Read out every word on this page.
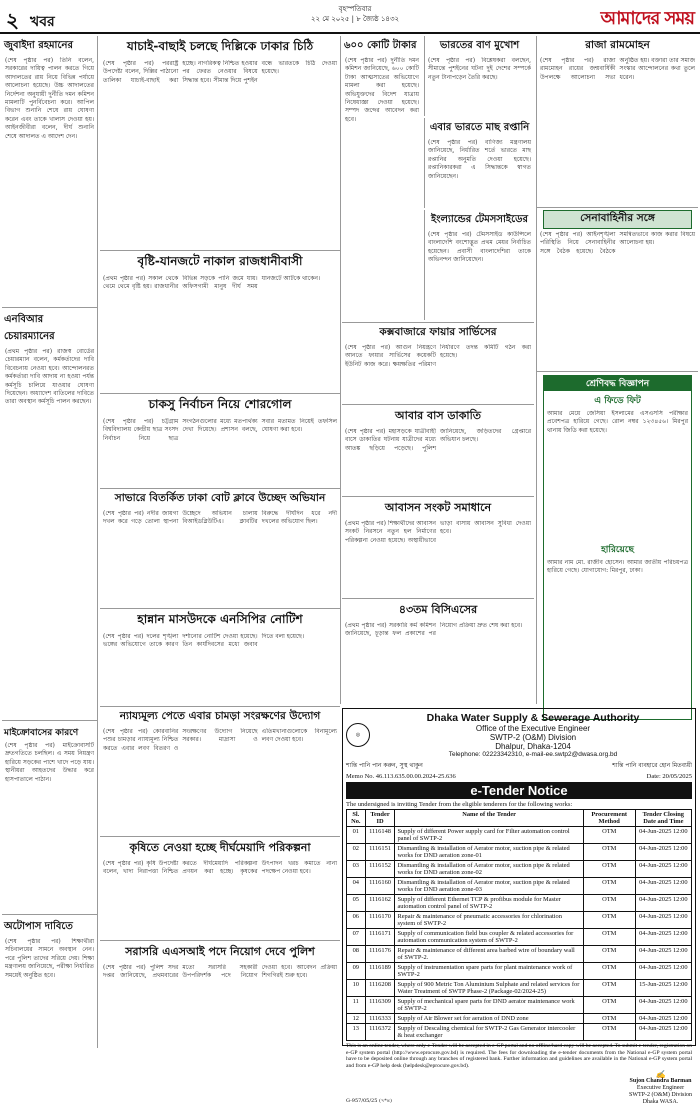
২ খবর
বৃহস্পতিবার
২২ মে ২০২৫ | ৮ জ্যৈষ্ঠ ১৪৩২	আমাদের সময়
জুবাইদা রহমানের
(শেষ পৃষ্ঠার পর) তিনি বলেন, সরকারের দায়িত্ব পালন করতে গিয়ে আদালতের রায় নিয়ে বিভিন্ন পর্যায়ে আলোচনা হয়েছে। উচ্চ আদালতের নির্দেশনা অনুযায়ী দুর্নীতি দমন কমিশন মামলাটি পুনর্বিবেচনা করে। আপিল বিভাগ শুনানি শেষে রায় ঘোষণা করেন এবং তাকে খালাস দেওয়া হয়। আইনজীবীরা বলেন, দীর্ঘ শুনানি শেষে আদালত এ আদেশ দেন।
এনবিআর চেয়ারম্যানের
(প্রথম পৃষ্ঠার পর) রাজস্ব বোর্ডের চেয়ারম্যান বলেন, কর্মকর্তাদের দাবি বিবেচনায় নেওয়া হবে। আন্দোলনরত কর্মকর্তারা দাবি আদায় না হওয়া পর্যন্ত কর্মসূচি চালিয়ে যাওয়ার ঘোষণা দিয়েছেন। অধ্যাদেশ বাতিলের দাবিতে তারা অবস্থান কর্মসূচি পালন করছেন।
মাইক্রোবাসের কারণে
(শেষ পৃষ্ঠার পর) মাইক্রোবাসটি দ্রুতগতিতে চলছিল। এ সময় নিয়ন্ত্রণ হারিয়ে সড়কের পাশে খাদে পড়ে যায়। স্থানীয়রা আহতদের উদ্ধার করে হাসপাতালে পাঠান।
অটোপাস দাবিতে
(শেষ পৃষ্ঠার পর) শিক্ষার্থীরা সচিবালয়ের সামনে অবস্থান নেন। পরে পুলিশ তাদের সরিয়ে দেয়। শিক্ষা মন্ত্রণালয় জানিয়েছে, পরীক্ষা নির্ধারিত সময়েই অনুষ্ঠিত হবে।
যাচাই-বাছাই চলছে দিল্লিকে ঢাকার চিঠি
(শেষ পৃষ্ঠার পর) পররাষ্ট্র উপদেষ্টা বলেন, দিল্লির পাঠানো তালিকা যাচাই-বাছাই করা হচ্ছে। নাগরিকত্ব নিশ্চিত হওয়ার পর ফেরত নেওয়ার বিষয়ে সিদ্ধান্ত হবে। সীমান্ত দিয়ে পুশইন বন্ধে ভারতকে চিঠি দেওয়া হয়েছে।
বৃষ্টি-যানজটে নাকাল রাজধানীবাসী
(প্রথম পৃষ্ঠার পর) সকাল থেকে থেমে থেমে বৃষ্টি হয়। রাজধানীর বিভিন্ন সড়কে পানি জমে যায়। অফিসগামী মানুষ দীর্ঘ সময় যানজটে আটকে থাকেন।
চাকসু নির্বাচন নিয়ে শোরগোল
(শেষ পৃষ্ঠার পর) চট্টগ্রাম বিশ্ববিদ্যালয় কেন্দ্রীয় ছাত্র সংসদ নির্বাচন নিয়ে ছাত্র সংগঠনগুলোর মধ্যে মতপার্থক্য দেখা দিয়েছে। প্রশাসন বলছে, সবার মতামত নিয়েই তফসিল ঘোষণা করা হবে।
সাভারে বিতর্কিত ঢাকা বোট ক্লাবে উচ্ছেদ অভিযান
(শেষ পৃষ্ঠার পর) নদীর জায়গা দখল করে গড়ে তোলা স্থাপনা উচ্ছেদে অভিযান চালায় বিআইডব্লিউটিএ। ক্লাবটির বিরুদ্ধে দীর্ঘদিন ধরে নদী দখলের অভিযোগ ছিল।
হান্নান মাসউদকে এনসিপির নোটিশ
(শেষ পৃষ্ঠার পর) দলের শৃঙ্খলা ভঙ্গের অভিযোগে তাকে কারণ দর্শানোর নোটিশ দেওয়া হয়েছে। তিন কার্যদিবসের মধ্যে জবাব দিতে বলা হয়েছে।
৬০০ কোটি টাকার
(শেষ পৃষ্ঠার পর) দুর্নীতি দমন কমিশন জানিয়েছে, ৬০০ কোটি টাকা আত্মসাতের অভিযোগে মামলা করা হয়েছে। অভিযুক্তদের বিদেশ যাত্রায় নিষেধাজ্ঞা দেওয়া হয়েছে। সম্পদ জব্দের আবেদন করা হবে।
ভারতের বাণ মুখোশ
(শেষ পৃষ্ঠার পর) বিশ্লেষকরা বলছেন, সীমান্তে পুশইনের ঘটনা দুই দেশের সম্পর্কে নতুন টানাপড়েন তৈরি করছে।
এবার ভারতে মাছ রপ্তানি
(শেষ পৃষ্ঠার পর) বাণিজ্য মন্ত্রণালয় জানিয়েছে, নির্ধারিত শর্তে ভারতে মাছ রপ্তানির অনুমতি দেওয়া হয়েছে। রপ্তানিকারকরা এ সিদ্ধান্তকে স্বাগত জানিয়েছেন।
ইংল্যান্ডের টেমসসাইডের
(শেষ পৃষ্ঠার পর) টেমসসাইড কাউন্সিলে বাংলাদেশি বংশোদ্ভূত প্রথম মেয়র নির্বাচিত হয়েছেন। প্রবাসী বাংলাদেশিরা তাকে অভিনন্দন জানিয়েছেন।
কক্সবাজারে ফায়ার সার্ভিসের
(শেষ পৃষ্ঠার পর) আগুন নিয়ন্ত্রণে আনতে ফায়ার সার্ভিসের কয়েকটি ইউনিট কাজ করে। ক্ষয়ক্ষতির পরিমাণ নির্ধারণে তদন্ত কমিটি গঠন করা হয়েছে।
আবার বাস ডাকাতি
(শেষ পৃষ্ঠার পর) মহাসড়কে যাত্রীবাহী বাসে ডাকাতির ঘটনায় যাত্রীদের মধ্যে আতঙ্ক ছড়িয়ে পড়েছে। পুলিশ জানিয়েছে, জড়িতদের গ্রেপ্তারে অভিযান চলছে।
আবাসন সংকট সমাধানে
(প্রথম পৃষ্ঠার পর) শিক্ষার্থীদের আবাসন সংকট নিরসনে নতুন হল নির্মাণের পরিকল্পনা নেওয়া হয়েছে। অস্থায়ীভাবে ভাড়া বাসায় আবাসন সুবিধা দেওয়া হবে।
৪৩তম বিসিএসের
(প্রথম পৃষ্ঠার পর) সরকারি কর্ম কমিশন জানিয়েছে, চূড়ান্ত ফল প্রকাশের পর নিয়োগ প্রক্রিয়া দ্রুত শেষ করা হবে।
রাজা রামমোহন
(শেষ পৃষ্ঠার পর) রাজা রামমোহন রায়ের জন্মবার্ষিকী উপলক্ষে আলোচনা সভা অনুষ্ঠিত হয়। বক্তারা তার সমাজ সংস্কার আন্দোলনের কথা তুলে ধরেন।
সেনাবাহিনীর সঙ্গে
(শেষ পৃষ্ঠার পর) আইনশৃঙ্খলা পরিস্থিতি নিয়ে সেনাবাহিনীর সঙ্গে বৈঠক হয়েছে। বৈঠকে সমন্বিতভাবে কাজ করার বিষয়ে আলোচনা হয়।
শ্রেণিবদ্ধ বিজ্ঞাপন
এ ফিডে ফিট
আমার মেয়ে জেসিয়া ইসলামের এসএসসি পরীক্ষার প্রবেশপত্র হারিয়ে গেছে। রোল নম্বর ১২৩৪৫৬। মিরপুর থানায় জিডি করা হয়েছে।
হারিয়েছে
আমার নাম মো. রাজীব হোসেন। আমার জাতীয় পরিচয়পত্র হারিয়ে গেছে। যোগাযোগ: মিরপুর, ঢাকা।
ন্যায্যমূল্য পেতে এবার চামড়া সংরক্ষণের উদ্যোগ
(শেষ পৃষ্ঠার পর) কোরবানির পশুর চামড়ার ন্যায্যমূল্য নিশ্চিত করতে এবার লবণ বিতরণ ও সংরক্ষণের উদ্যোগ নিয়েছে সরকার। মাদ্রাসা ও এতিমখানাগুলোকে বিনামূল্যে লবণ দেওয়া হবে।
কৃষিতে নেওয়া হচ্ছে দীর্ঘমেয়াদি পরিকল্পনা
(শেষ পৃষ্ঠার পর) কৃষি উপদেষ্টা বলেন, খাদ্য নিরাপত্তা নিশ্চিত করতে দীর্ঘমেয়াদি পরিকল্পনা প্রণয়ন করা হচ্ছে। কৃষকের উৎপাদন খরচ কমাতে নানা পদক্ষেপ নেওয়া হবে।
সরাসরি এএসআই পদে নিয়োগ দেবে পুলিশ
(শেষ পৃষ্ঠার পর) পুলিশ সদর দপ্তর জানিয়েছে, প্রথমবারের মতো সরাসরি সহকারী উপপরিদর্শক পদে নিয়োগ দেওয়া হবে। আবেদন প্রক্রিয়া শিগগিরই শুরু হবে।
◎
Dhaka Water Supply & Sewerage Authority
Office of the Executive Engineer
SWTP-2 (O&M) Division
Dhalpur, Dhaka-1204
Telephone: 02223342310, e-mail-ee.swtp2@dwasa.org.bd
শান্তি পানি পান করুন, সুস্থ থাকুন	শান্তি পানি ব্যবহারে হোন মিতব্যয়ী
Memo No. 46.113.635.00.00.2024-25.636	Date: 20/05/2025
e-Tender Notice
The undersigned is inviting Tender from the eligible tenderers for the following works:
Sl. No.	Tender ID	Name of the Tender	Procurement Method	Tender Closing Date and Time
01	1116148	Supply of different Power supply card for Filter automation control panel of SWTP-2	OTM	04-Jun-2025 12:00
02	1116151	Dismantling & installation of Aerator motor, suction pipe & related works for DND aeration zone-01	OTM	04-Jun-2025 12:00
03	1116152	Dismantling & installation of Aerator motor, suction pipe & related works for DND aeration zone-02	OTM	04-Jun-2025 12:00
04	1116160	Dismantling & installation of Aerator motor, suction pipe & related works for DND aeration zone-03	OTM	04-Jun-2025 12:00
05	1116162	Supply of different Ethernet TCP & profibus module for Master automation control panel of SWTP-2	OTM	04-Jun-2025 12:00
06	1116170	Repair & maintenance of pneumatic accessories for chlorination system of SWTP-2	OTM	04-Jun-2025 12:00
07	1116171	Supply of communication field bus coupler & related accessories for automation communication system of SWTP-2	OTM	04-Jun-2025 12:00
08	1116176	Repair & maintenance of different area barbed wire of boundary wall of SWTP-2.	OTM	04-Jun-2025 12:00
09	1116189	Supply of instrumentation spare parts for plant maintenance work of SWTP-2	OTM	04-Jun-2025 12:00
10	1116208	Supply of 900 Metric Ton Aluminium Sulphate and related services for Water Treatment of SWTP Phase-2 (Package-02/2024-25)	OTM	15-Jun-2025 12:00
11	1116309	Supply of mechanical spare parts for DND aerator maintenance work of SWTP-2	OTM	04-Jun-2025 12:00
12	1116333	Supply of Air Blower set for aeration of DND zone	OTM	04-Jun-2025 12:00
13	1116372	Supply of Descaling chemical for SWTP-2 Gas Generator intercooler & heat exchanger	OTM	04-Jun-2025 12:00
This is an online tender, where only e-Tender will be accepted in e-GP portal and no offline/hard copy will be accepted. To submit e-tender, registration on e-GP system portal (http://www.eprocure.gov.bd) is required. The fees for downloading the e-tender documents from the National e-GP system portal have to be deposited online through any branches of registered bank. Further information and guidelines are available in the National e-GP system portal and from e-GP help desk (helpdesk@eprocure.gov.bd).
G-957/05/25 (৭*৪)
✍
Sujon Chandra Barman
Executive Engineer
SWTP-2 (O&M) Division
Dhaka WASA.
